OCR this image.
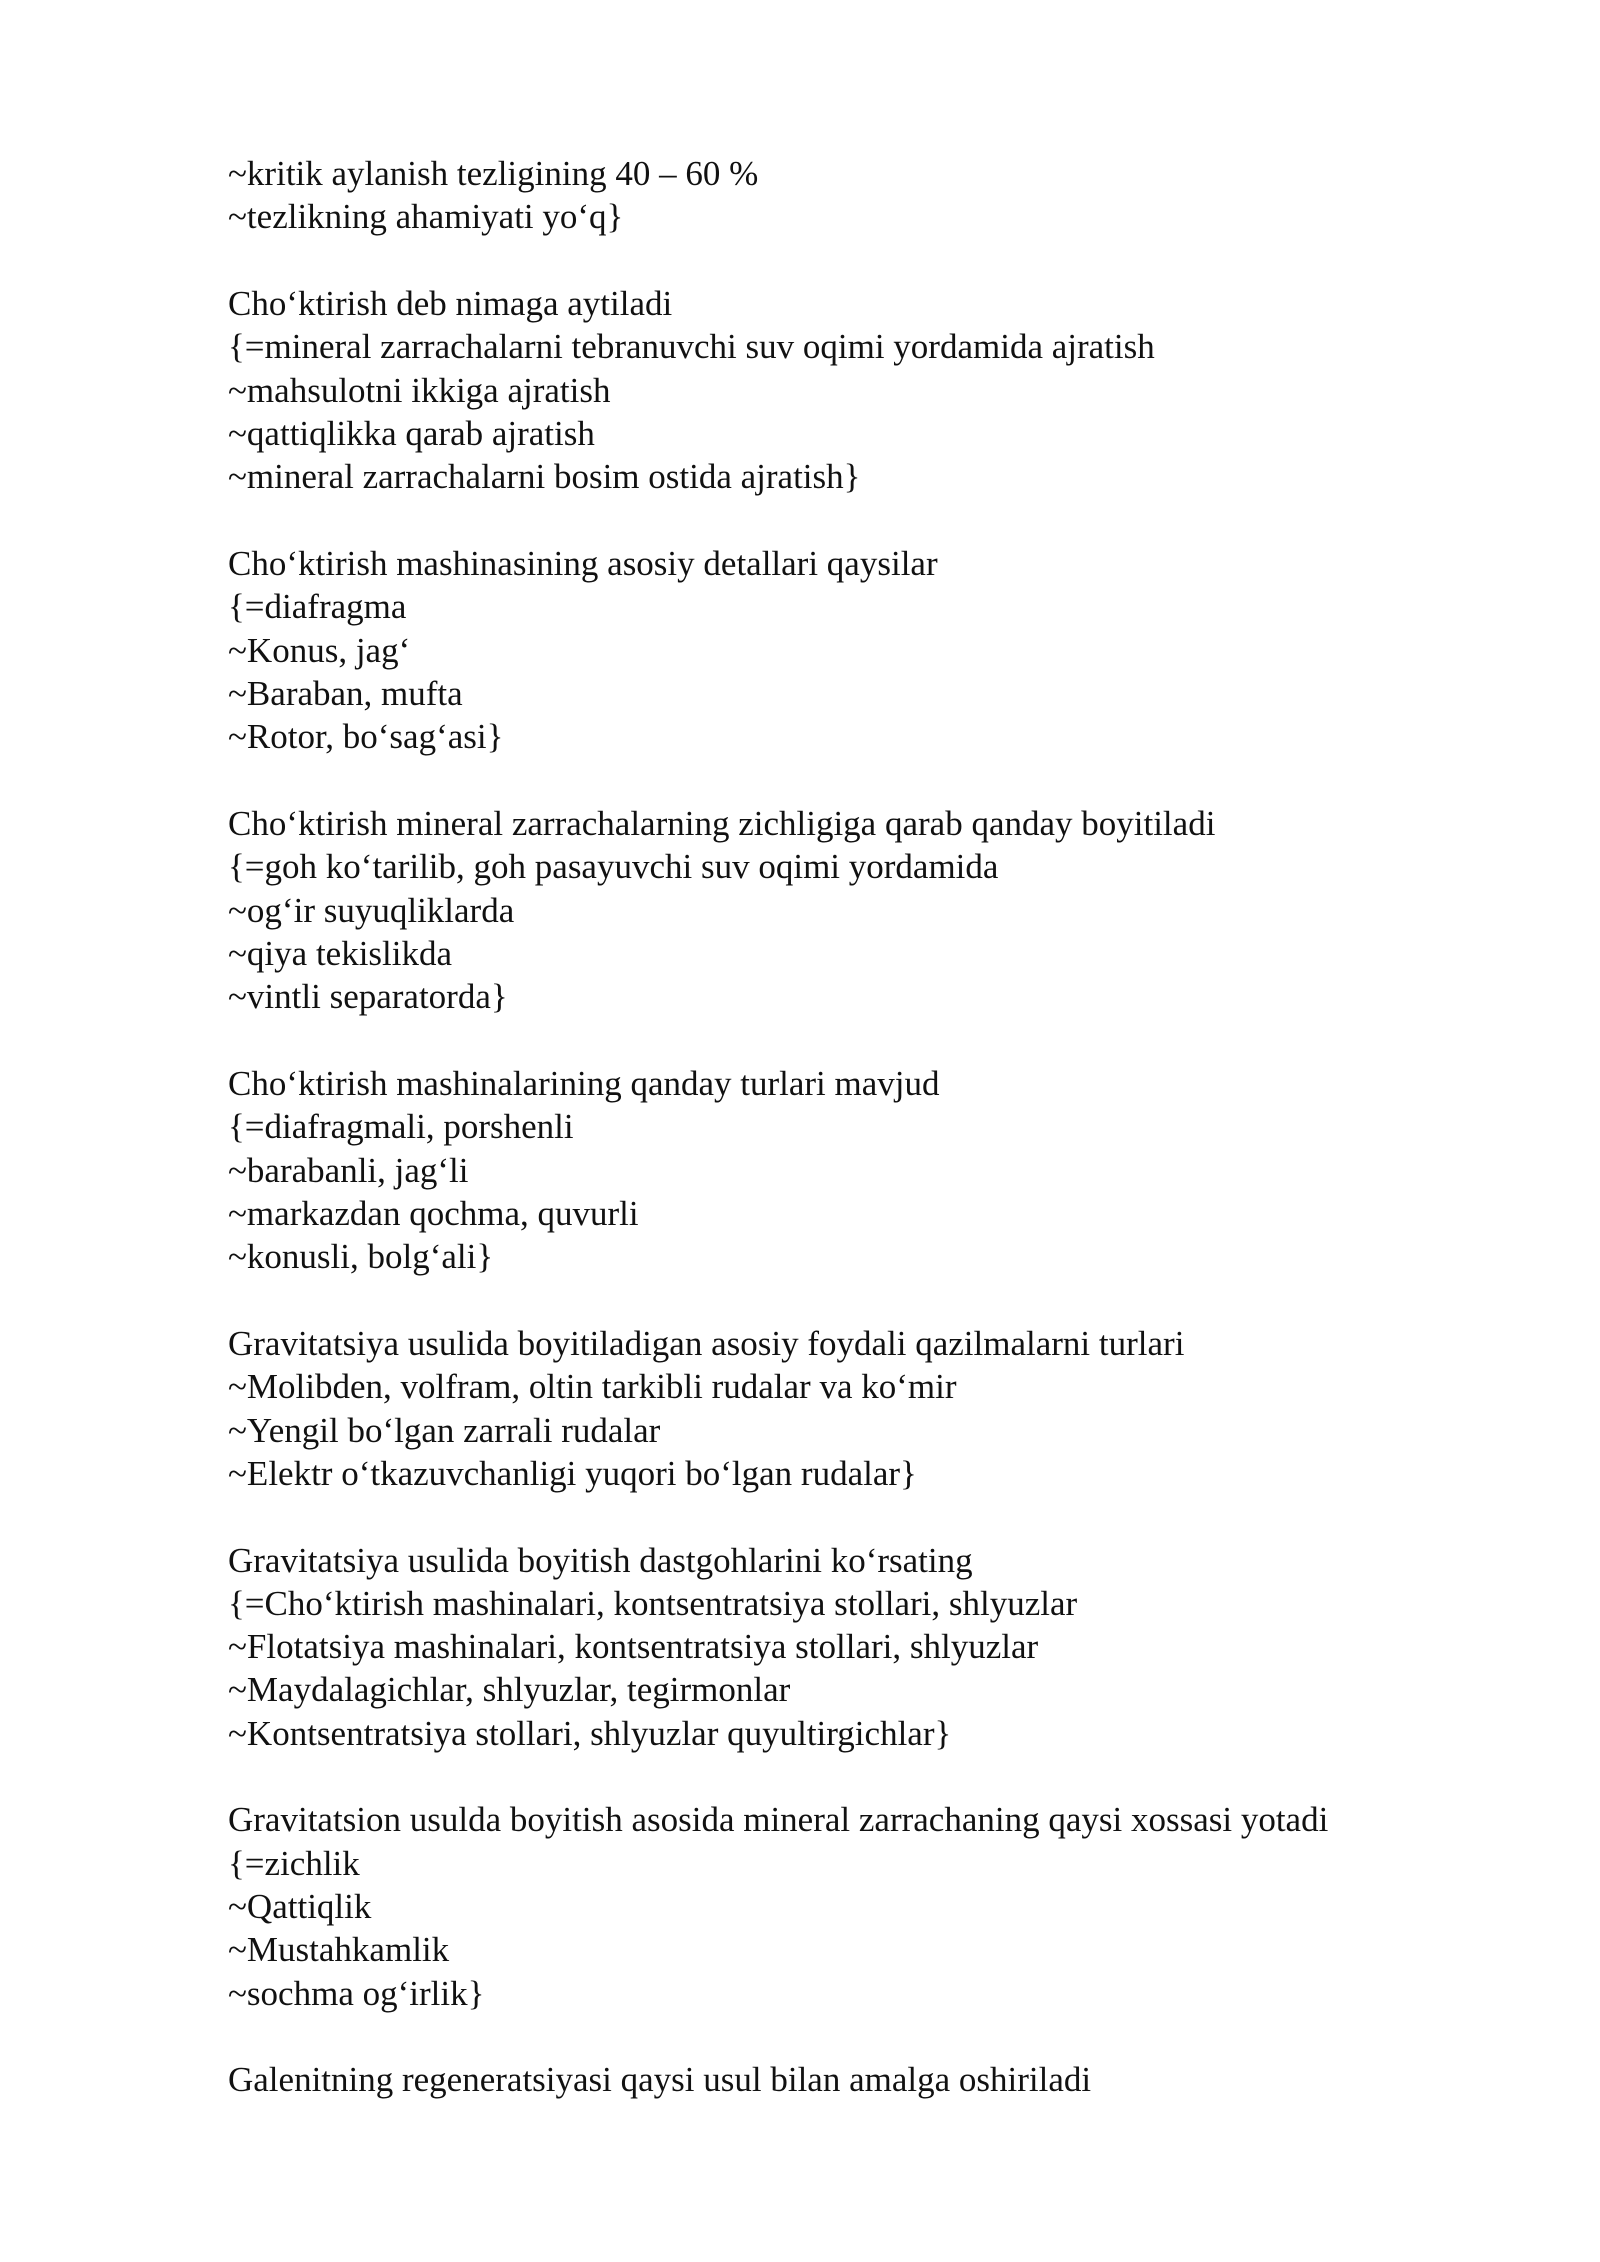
~kritik aylanish tezligining 40 – 60 %
~tezlikning ahamiyati yo‘q}
Cho‘ktirish deb nimaga aytiladi
{=mineral zarrachalarni tebranuvchi suv oqimi yordamida ajratish
~mahsulotni ikkiga ajratish
~qattiqlikka qarab ajratish
~mineral zarrachalarni bosim ostida ajratish}
Cho‘ktirish mashinasining asosiy detallari qaysilar
{=diafragma
~Konus, jag‘
~Baraban, mufta
~Rotor, bo‘sag‘asi}
Cho‘ktirish mineral zarrachalarning zichligiga qarab qanday boyitiladi
{=goh ko‘tarilib, goh pasayuvchi suv oqimi yordamida
~og‘ir suyuqliklarda
~qiya tekislikda
~vintli separatorda}
Cho‘ktirish mashinalarining qanday turlari mavjud
{=diafragmali, porshenli
~barabanli, jag‘li
~markazdan qochma, quvurli
~konusli, bolg‘ali}
Gravitatsiya usulida boyitiladigan asosiy foydali qazilmalarni turlari
~Molibden, volfram, oltin tarkibli rudalar va ko‘mir
~Yengil bo‘lgan zarrali rudalar
~Elektr o‘tkazuvchanligi yuqori bo‘lgan rudalar}
Gravitatsiya usulida boyitish dastgohlarini ko‘rsating
{=Cho‘ktirish mashinalari, kontsentratsiya stollari, shlyuzlar
~Flotatsiya mashinalari, kontsentratsiya stollari, shlyuzlar
~Maydalagichlar, shlyuzlar, tegirmonlar
~Kontsentratsiya stollari, shlyuzlar quyultirgichlar}
Gravitatsion usulda boyitish asosida mineral zarrachaning qaysi xossasi yotadi
{=zichlik
~Qattiqlik
~Mustahkamlik
~sochma og‘irlik}
Galenitning regeneratsiyasi qaysi usul bilan amalga oshiriladi
